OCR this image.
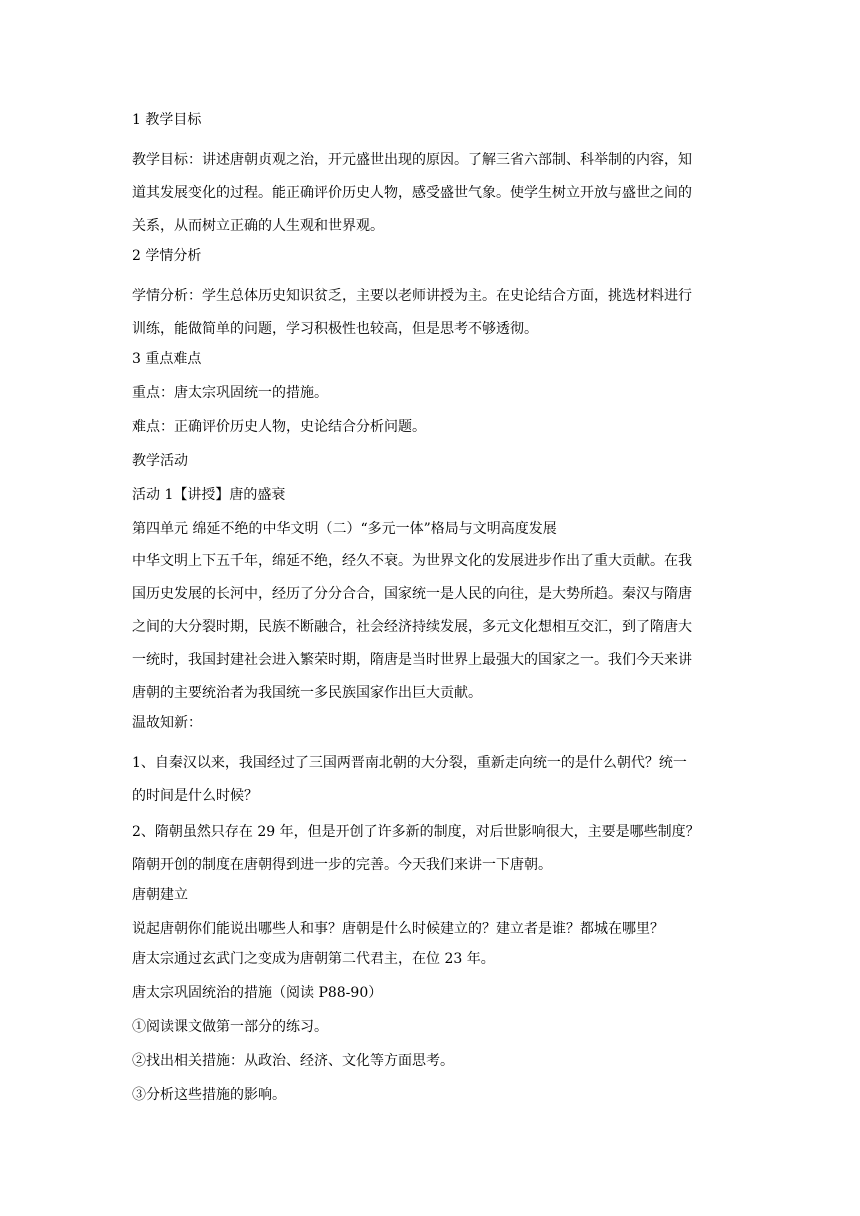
1 教学目标
教学目标：讲述唐朝贞观之治，开元盛世出现的原因。了解三省六部制、科举制的内容，知
道其发展变化的过程。能正确评价历史人物，感受盛世气象。使学生树立开放与盛世之间的
关系，从而树立正确的人生观和世界观。
2 学情分析
学情分析：学生总体历史知识贫乏，主要以老师讲授为主。在史论结合方面，挑选材料进行
训练，能做简单的问题，学习积极性也较高，但是思考不够透彻。
3 重点难点
重点：唐太宗巩固统一的措施。
难点：正确评价历史人物，史论结合分析问题。
教学活动
活动 1【讲授】唐的盛衰
第四单元 绵延不绝的中华文明（二）“多元一体”格局与文明高度发展
中华文明上下五千年，绵延不绝，经久不衰。为世界文化的发展进步作出了重大贡献。在我
国历史发展的长河中，经历了分分合合，国家统一是人民的向往，是大势所趋。秦汉与隋唐
之间的大分裂时期，民族不断融合，社会经济持续发展，多元文化想相互交汇，到了隋唐大
一统时，我国封建社会进入繁荣时期，隋唐是当时世界上最强大的国家之一。我们今天来讲
唐朝的主要统治者为我国统一多民族国家作出巨大贡献。
温故知新：
1、自秦汉以来，我国经过了三国两晋南北朝的大分裂，重新走向统一的是什么朝代？统一
的时间是什么时候？
2、隋朝虽然只存在 29 年，但是开创了许多新的制度，对后世影响很大，主要是哪些制度？
隋朝开创的制度在唐朝得到进一步的完善。今天我们来讲一下唐朝。
唐朝建立
说起唐朝你们能说出哪些人和事？唐朝是什么时候建立的？建立者是谁？都城在哪里？
唐太宗通过玄武门之变成为唐朝第二代君主，在位 23 年。
唐太宗巩固统治的措施（阅读 P88-90）
①阅读课文做第一部分的练习。
②找出相关措施：从政治、经济、文化等方面思考。
③分析这些措施的影响。
